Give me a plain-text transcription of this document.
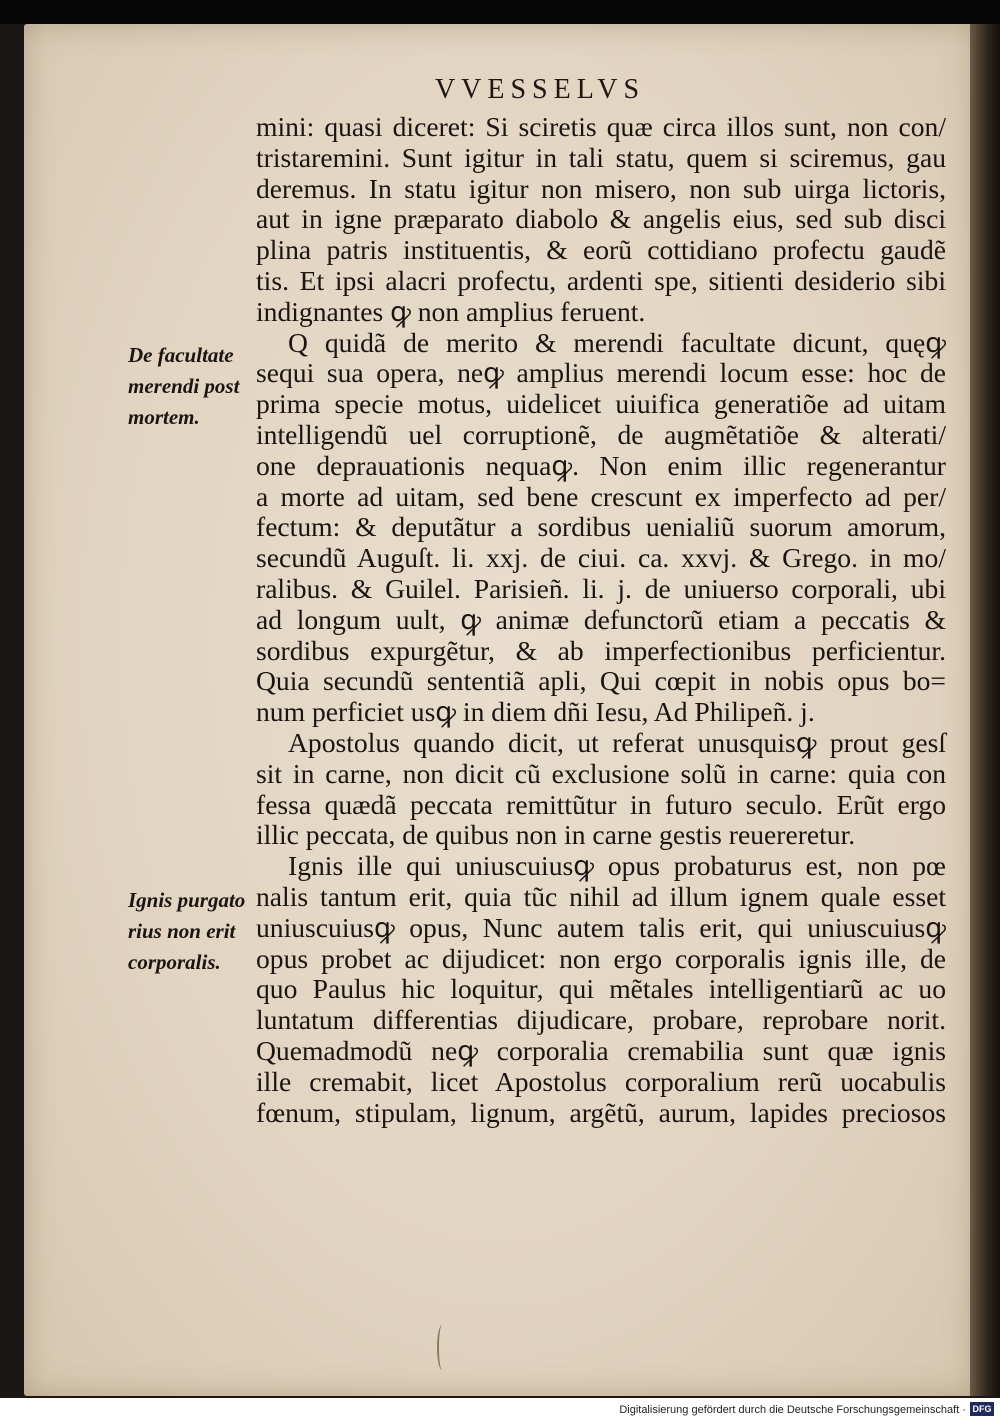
VVESSELVS
De facultate
merendi post
mortem.
Ignis purgato
rius non erit
corporalis.
mini: quasi diceret: Si sciretis quæ circa illos sunt, non con/
tristaremini. Sunt igitur in tali statu, quem si sciremus, gau
deremus. In statu igitur non misero, non sub uirga lictoris,
aut in igne præparato diabolo & angelis eius, sed sub disci
plina patris instituentis, & eorũ cottidiano profectu gaudẽ
tis. Et ipsi alacri profectu, ardenti spe, sitienti desiderio sibi
indignantes ꝙ non amplius feruent.
Q quidã de merito & merendi facultate dicunt, quęꝙ
sequi sua opera, neꝙ amplius merendi locum esse: hoc de
prima specie motus, uidelicet uiuifica generatiõe ad uitam
intelligendũ uel corruptionẽ, de augmẽtatiõe & alterati/
one deprauationis nequaꝙ. Non enim illic regenerantur
a morte ad uitam, sed bene crescunt ex imperfecto ad per/
fectum: & deputãtur a sordibus uenialiũ suorum amorum,
secundũ Auguſt. li. xxj. de ciui. ca. xxvj. & Grego. in mo/
ralibus. & Guilel. Parisieñ. li. j. de uniuerso corporali, ubi
ad longum uult, ꝙ animæ defunctorũ etiam a peccatis &
sordibus expurgẽtur, & ab imperfectionibus perficientur.
Quia secundũ sententiã apli, Qui cœpit in nobis opus bo=
num perficiet usꝙ in diem dñi Iesu, Ad Philipeñ. j.
Apostolus quando dicit, ut referat unusquisꝙ prout gesſ
sit in carne, non dicit cũ exclusione solũ in carne: quia con
fessa quædã peccata remittũtur in futuro seculo. Erũt ergo
illic peccata, de quibus non in carne gestis reuereretur.
Ignis ille qui uniuscuiusꝙ opus probaturus est, non pœ
nalis tantum erit, quia tũc nihil ad illum ignem quale esset
uniuscuiusꝙ opus, Nunc autem talis erit, qui uniuscuiusꝙ
opus probet ac dijudicet: non ergo corporalis ignis ille, de
quo Paulus hic loquitur, qui mẽtales intelligentiarũ ac uo
luntatum differentias dijudicare, probare, reprobare norit.
Quemadmodũ neꝙ corporalia cremabilia sunt quæ ignis
ille cremabit, licet Apostolus corporalium rerũ uocabulis
fœnum, stipulam, lignum, argẽtũ, aurum, lapides preciosos
Digitalisierung gefördert durch die Deutsche Forschungsgemeinschaft · DFG
